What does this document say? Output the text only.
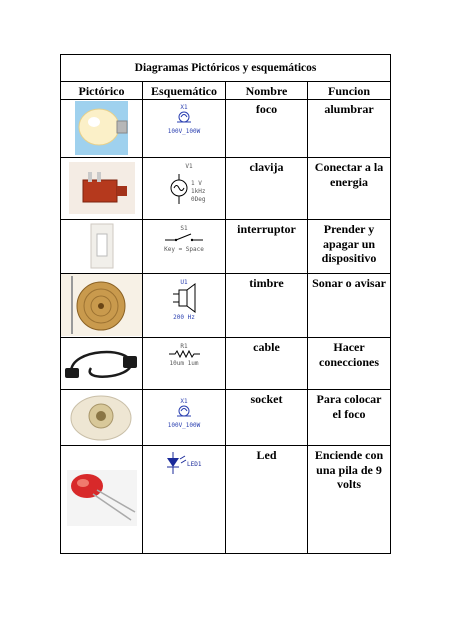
Diagramas Pictóricos y esquemáticos			
Pictórico	Esquemático	Nombre	Funcion

X1
100V_100W	foco	alumbrar

V1
1 V
1kHz
0Deg	clavija	Conectar a la energia

S1
Key = Space	interruptor	Prender y apagar un dispositivo

U1
200 Hz	timbre	Sonar o avisar

R1
10um 1um	cable	Hacer conecciones

X1
100V_100W	socket	Para colocar el foco

LED1	Led	Enciende con una pila de 9 volts
